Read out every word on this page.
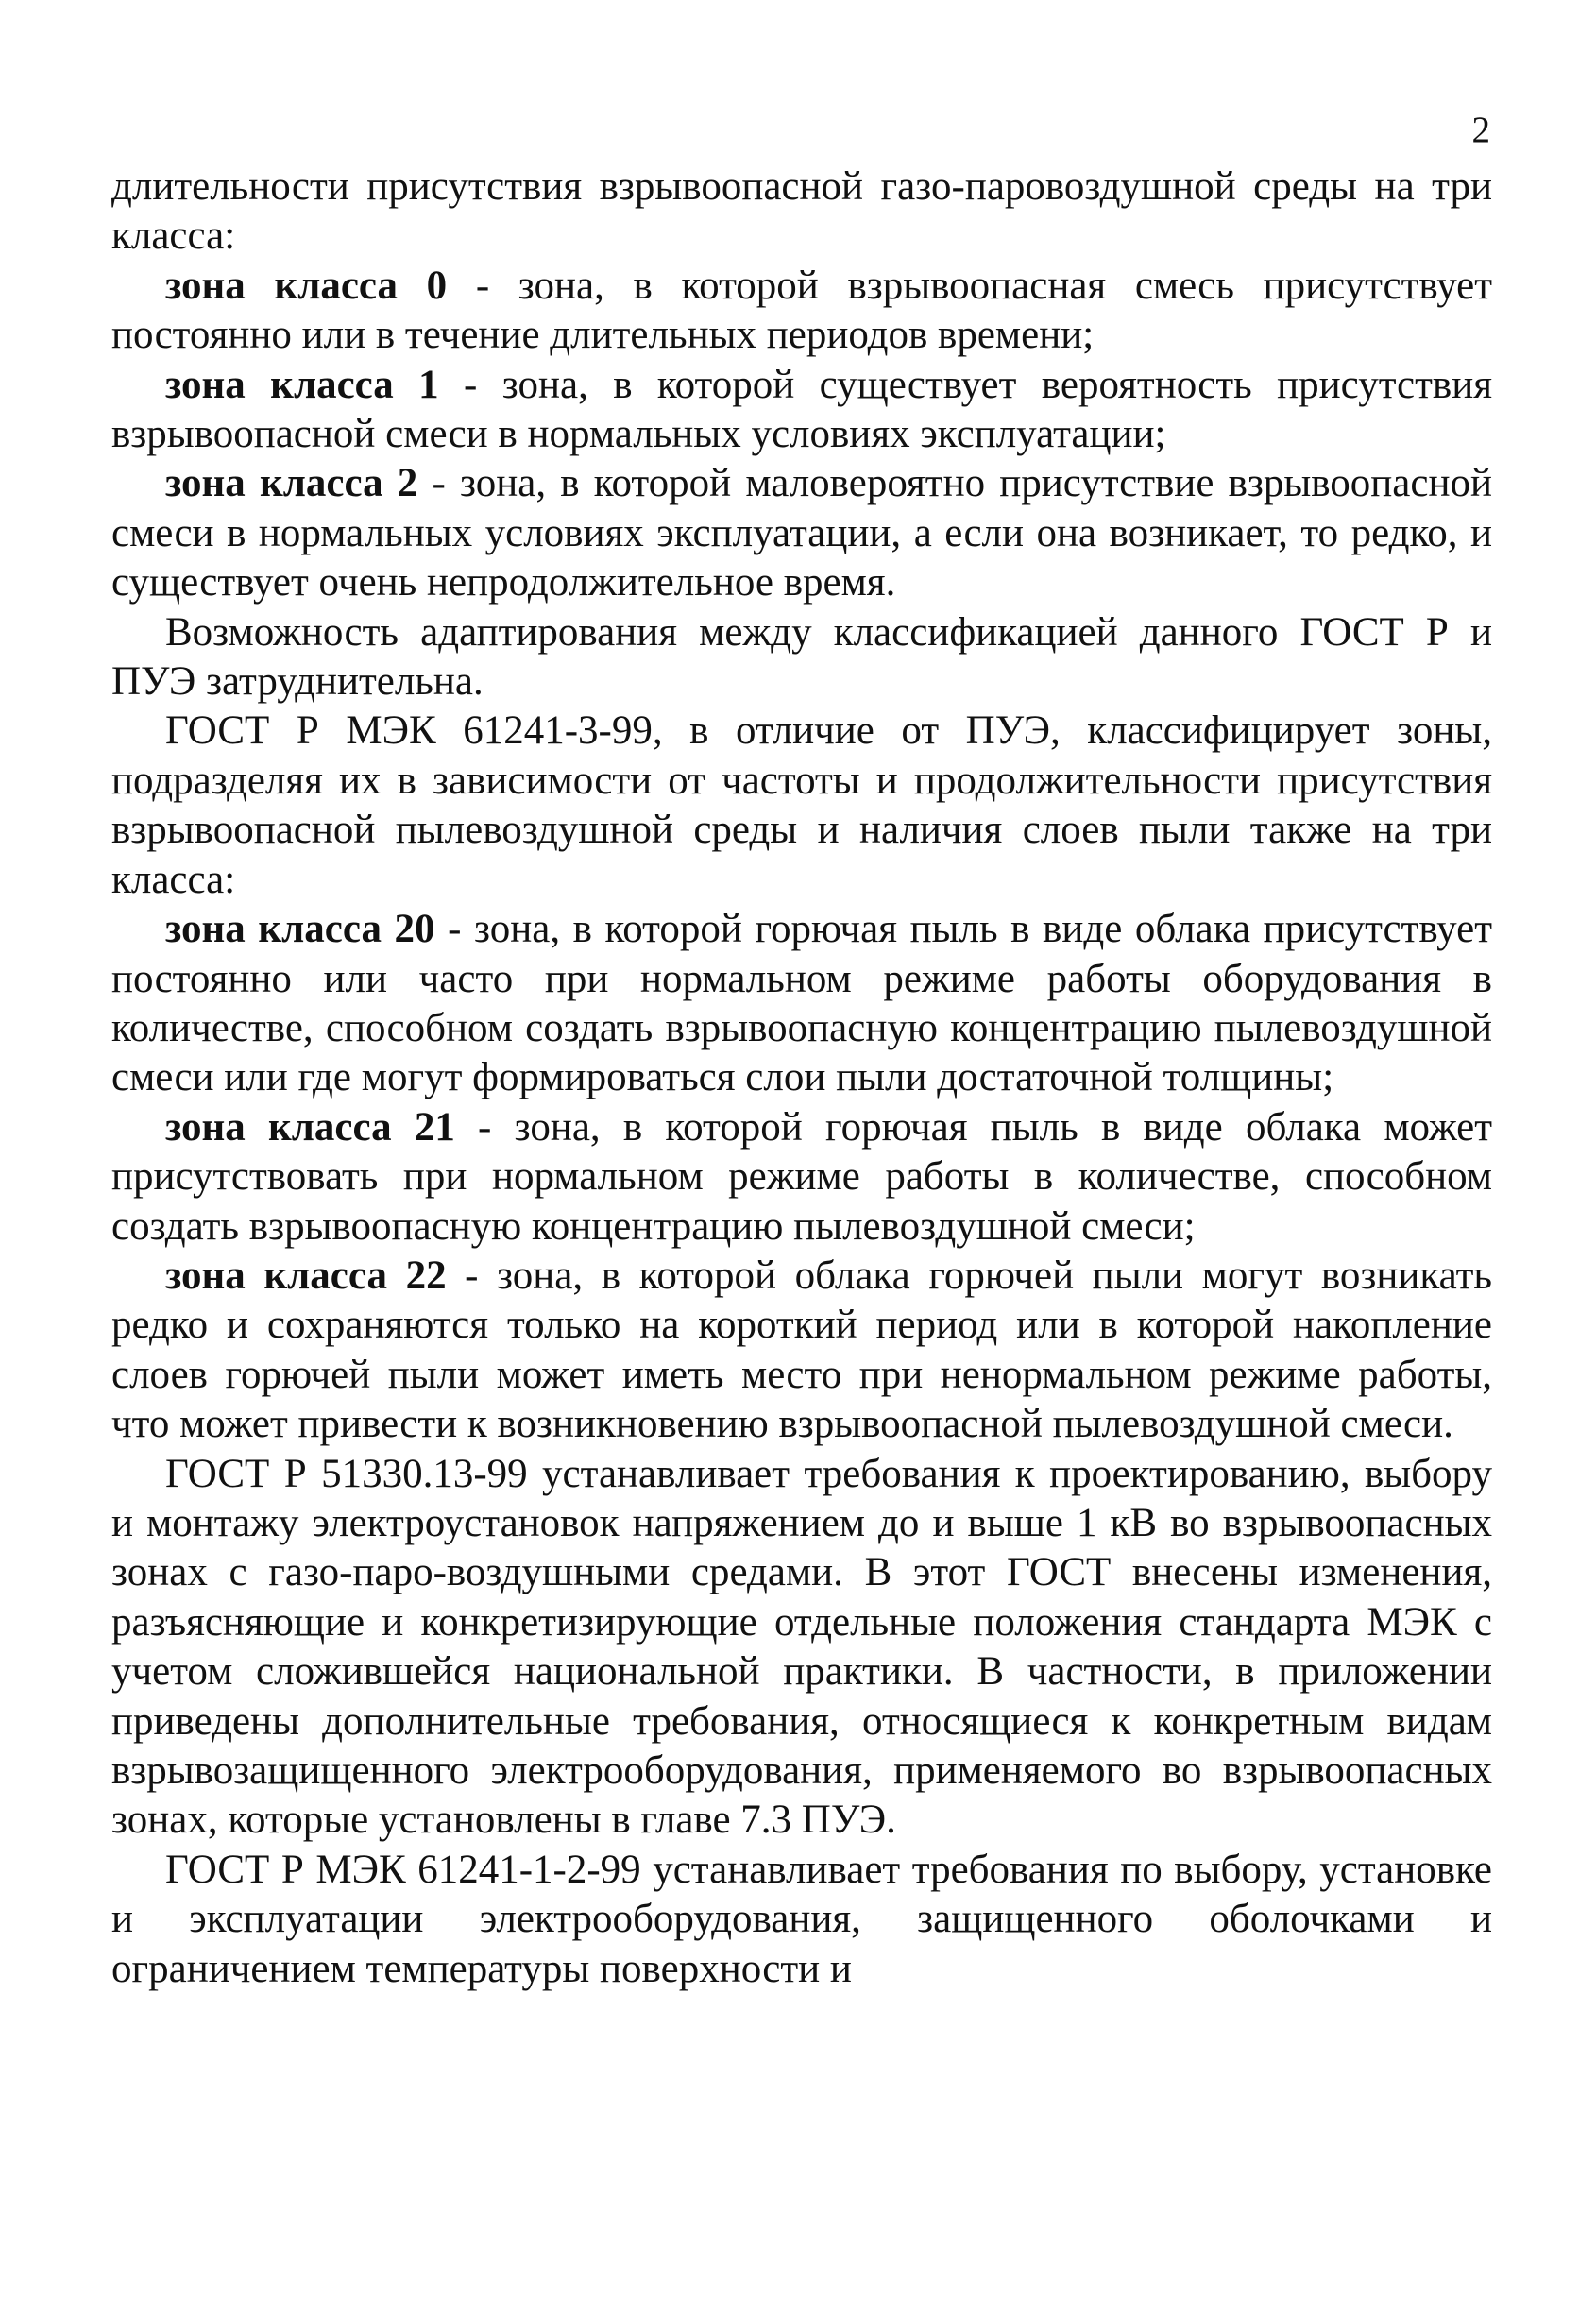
2

длительности присутствия взрывоопасной газо-паровоздушной среды на три класса:

зона класса 0 - зона, в которой взрывоопасная смесь присутствует постоянно или в течение длительных периодов времени;

зона класса 1 - зона, в которой существует вероятность присутствия взрывоопасной смеси в нормальных условиях эксплуатации;

зона класса 2 - зона, в которой маловероятно присутствие взрывоопасной смеси в нормальных условиях эксплуатации, а если она возникает, то редко, и существует очень непродолжительное время.

Возможность адаптирования между классификацией данного ГОСТ Р и ПУЭ затруднительна.

ГОСТ Р МЭК 61241-3-99, в отличие от ПУЭ, классифицирует зоны, подразделяя их в зависимости от частоты и продолжительности присутствия взрывоопасной пылевоздушной среды и наличия слоев пыли также на три класса:

зона класса 20 - зона, в которой горючая пыль в виде облака присутствует постоянно или часто при нормальном режиме работы оборудования в количестве, способном создать взрывоопасную концентрацию пылевоздушной смеси или где могут формироваться слои пыли достаточной толщины;

зона класса 21 - зона, в которой горючая пыль в виде облака может присутствовать при нормальном режиме работы в количестве, способном создать взрывоопасную концентрацию пылевоздушной смеси;

зона класса 22 - зона, в которой облака горючей пыли могут возникать редко и сохраняются только на короткий период или в которой накопление слоев горючей пыли может иметь место при ненормальном режиме работы, что может привести к возникновению взрывоопасной пылевоздушной смеси.

ГОСТ Р 51330.13-99 устанавливает требования к проектированию, выбору и монтажу электроустановок напряжением до и выше 1 кВ во взрывоопасных зонах с газо-паро-воздушными средами. В этот ГОСТ внесены изменения, разъясняющие и конкретизирующие отдельные положения стандарта МЭК с учетом сложившейся национальной практики. В частности, в приложении приведены дополнительные требования, относящиеся к конкретным видам взрывозащищенного электрооборудования, применяемого во взрывоопасных зонах, которые установлены в главе 7.3 ПУЭ.

ГОСТ Р МЭК 61241-1-2-99 устанавливает требования по выбору, установке и эксплуатации электрооборудования, защищенного оболочками и ограничением температуры поверхности и
